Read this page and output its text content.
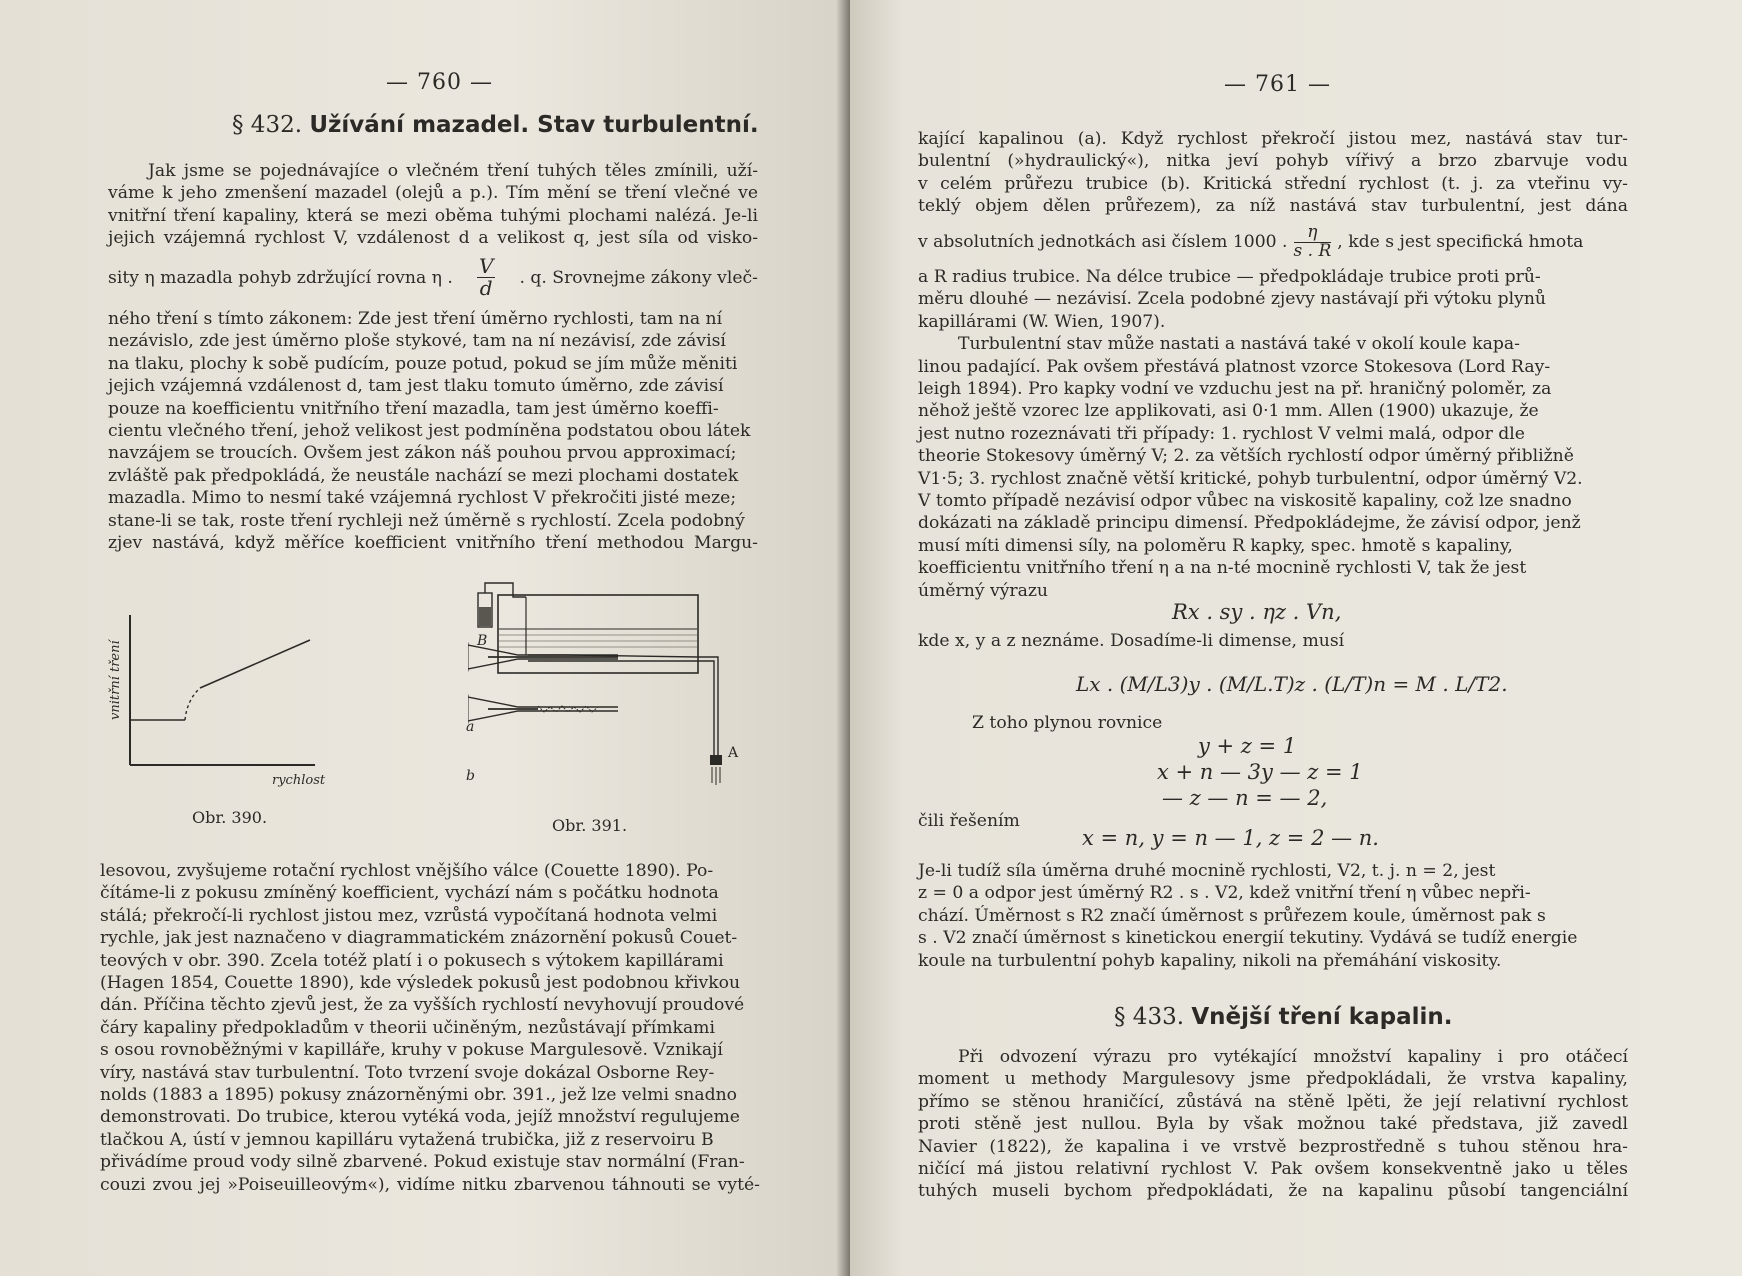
— 760 —
§ 432. Užívání mazadel. Stav turbulentní.

Jak jsme se pojednávajíce o vlečném tření tuhých těles zmínili, uží-

váme k jeho zmenšení mazadel (olejů a p.). Tím mění se tření vlečné ve

vnitřní tření kapaliny, která se mezi oběma tuhými plochami nalézá. Je-li

jejich vzájemná rychlost V, vzdálenost d a velikost q, jest síla od visko-

sity η mazadla pohyb zdržující rovna η . $\frac{V}{d}$ . q. Srovnejme zákony vleč-

ného tření s tímto zákonem: Zde jest tření úměrno rychlosti, tam na ní

nezávislo, zde jest úměrno ploše stykové, tam na ní nezávisí, zde závisí

na tlaku, plochy k sobě pudícím, pouze potud, pokud se jím může měniti

jejich vzájemná vzdálenost d, tam jest tlaku tomuto úměrno, zde závisí

pouze na koefficientu vnitřního tření mazadla, tam jest úměrno koeffi-

cientu vlečného tření, jehož velikost jest podmíněna podstatou obou látek

navzájem se troucích. Ovšem jest zákon náš pouhou prvou approximací;

zvláště pak předpokládá, že neustále nachází se mezi plochami dostatek

mazadla. Mimo to nesmí také vzájemná rychlost V překročiti jisté meze;

stane-li se tak, roste tření rychleji než úměrně s rychlostí. Zcela podobný

zjev nastává, když měříce koefficient vnitřního tření methodou Margu-

vnitřní tření
rychlost
Obr. 390.
B
a
b
A
Obr. 391.

lesovou, zvyšujeme rotační rychlost vnějšího válce (Couette 1890). Po-

čítáme-li z pokusu zmíněný koefficient, vychází nám s počátku hodnota

stálá; překročí-li rychlost jistou mez, vzrůstá vypočítaná hodnota velmi

rychle, jak jest naznačeno v diagrammatickém znázornění pokusů Couet-

teových v obr. 390. Zcela totéž platí i o pokusech s výtokem kapillárami

(Hagen 1854, Couette 1890), kde výsledek pokusů jest podobnou křivkou

dán. Příčina těchto zjevů jest, že za vyšších rychlostí nevyhovují proudové

čáry kapaliny předpokladům v theorii učiněným, nezůstávají přímkami

s osou rovnoběžnými v kapilláře, kruhy v pokuse Margulesově. Vznikají

víry, nastává stav turbulentní. Toto tvrzení svoje dokázal Osborne Rey-

nolds (1883 a 1895) pokusy znázorněnými obr. 391., jež lze velmi snadno

demonstrovati. Do trubice, kterou vytéká voda, jejíž množství regulujeme

tlačkou A, ústí v jemnou kapilláru vytažená trubička, již z reservoiru B

přivádíme proud vody silně zbarvené. Pokud existuje stav normální (Fran-

couzi zvou jej »Poiseuilleovým«), vidíme nitku zbarvenou táhnouti se vyté-

— 761 —

kající kapalinou (a). Když rychlost překročí jistou mez, nastává stav tur-

bulentní (»hydraulický«), nitka jeví pohyb vířivý a brzo zbarvuje vodu

v celém průřezu trubice (b). Kritická střední rychlost (t. j. za vteřinu vy-

teklý objem dělen průřezem), za níž nastává stav turbulentní, jest dána

v absolutních jednotkách asi číslem 1000 . $\frac{\eta}{s . R}$ , kde s jest specifická hmota

a R radius trubice. Na délce trubice — předpokládaje trubice proti prů-

měru dlouhé — nezávisí. Zcela podobné zjevy nastávají při výtoku plynů

kapillárami (W. Wien, 1907).

Turbulentní stav může nastati a nastává také v okolí koule kapa-

linou padající. Pak ovšem přestává platnost vzorce Stokesova (Lord Ray-

leigh 1894). Pro kapky vodní ve vzduchu jest na př. hraničný poloměr, za

něhož ještě vzorec lze applikovati, asi 0·1 mm. Allen (1900) ukazuje, že

jest nutno rozeznávati tři případy: 1. rychlost V velmi malá, odpor dle

theorie Stokesovy úměrný V; 2. za větších rychlostí odpor úměrný přibližně

V1·5; 3. rychlost značně větší kritické, pohyb turbulentní, odpor úměrný V2.

V tomto případě nezávisí odpor vůbec na viskositě kapaliny, což lze snadno

dokázati na základě principu dimensí. Předpokládejme, že závisí odpor, jenž

musí míti dimensi síly, na poloměru R kapky, spec. hmotě s kapaliny,

koefficientu vnitřního tření η a na n-té mocnině rychlosti V, tak že jest

úměrný výrazu

Rx . sy . ηz . Vn,

kde x, y a z neznáme. Dosadíme-li dimense, musí

Lx . (M/L3)y . (M/L.T)z . (L/T)n = M . L/T2.

Z toho plynou rovnice

y + z = 1
x + n — 3y — z = 1
— z — n = — 2,

čili řešením

x = n, y = n — 1, z = 2 — n.

Je-li tudíž síla úměrna druhé mocnině rychlosti, V2, t. j. n = 2, jest

z = 0 a odpor jest úměrný R2 . s . V2, kdež vnitřní tření η vůbec nepři-

chází. Úměrnost s R2 značí úměrnost s průřezem koule, úměrnost pak s

s . V2 značí úměrnost s kinetickou energií tekutiny. Vydává se tudíž energie

koule na turbulentní pohyb kapaliny, nikoli na přemáhání viskosity.

§ 433. Vnější tření kapalin.

Při odvození výrazu pro vytékající množství kapaliny i pro otáčecí

moment u methody Margulesovy jsme předpokládali, že vrstva kapaliny,

přímo se stěnou hraničící, zůstává na stěně lpěti, že její relativní rychlost

proti stěně jest nullou. Byla by však možnou také představa, již zavedl

Navier (1822), že kapalina i ve vrstvě bezprostředně s tuhou stěnou hra-

ničící má jistou relativní rychlost V. Pak ovšem konsekventně jako u těles

tuhých museli bychom předpokládati, že na kapalinu působí tangenciální
